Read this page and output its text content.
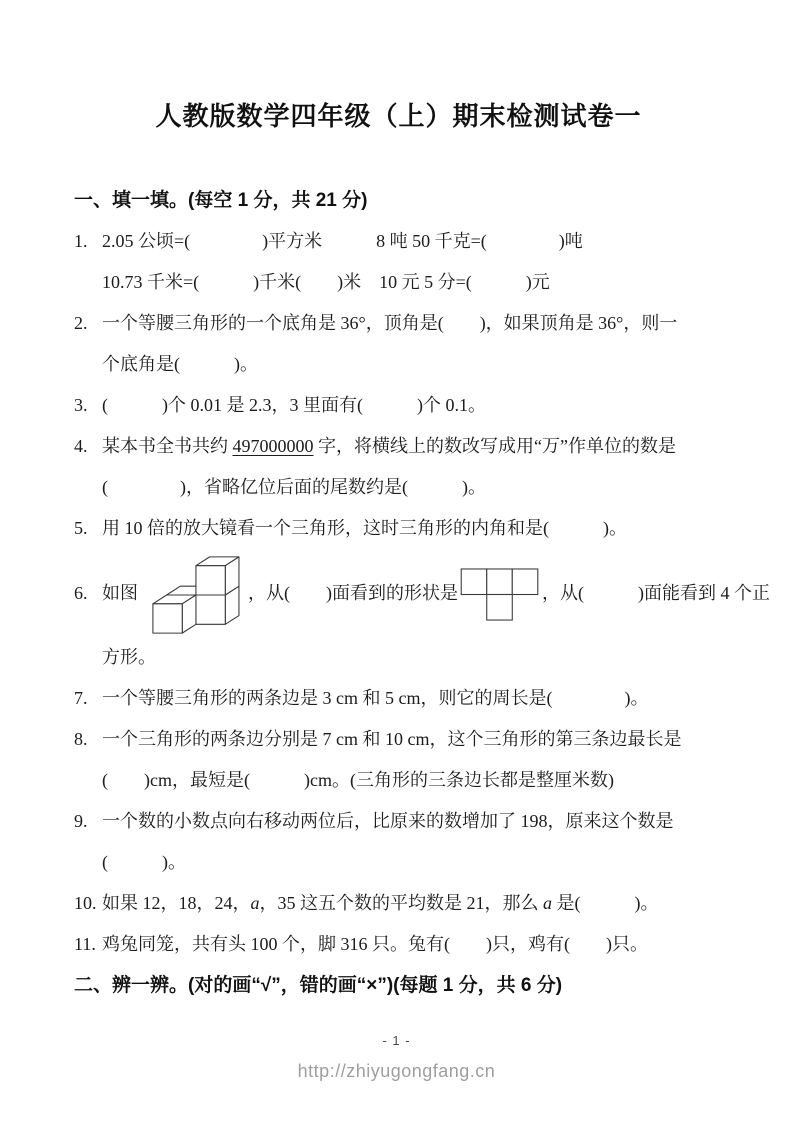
人教版数学四年级（上）期末检测试卷一
一、填一填。(每空 1 分，共 21 分)
1. 2.05 公顷=(　　　　)平方米　　　8 吨 50 千克=(　　　　)吨
10.73 千米=(　　　)千米(　　)米　10 元 5 分=(　　　)元
2. 一个等腰三角形的一个底角是 36°，顶角是(　　)，如果顶角是 36°，则一
个底角是(　　　)。
3. (　　　)个 0.01 是 2.3，3 里面有(　　　)个 0.1。
4. 某本书全书共约 497000000 字，将横线上的数改写成用“万”作单位的数是
(　　　　)，省略亿位后面的尾数约是(　　　)。
5. 用 10 倍的放大镜看一个三角形，这时三角形的内角和是(　　　)。
6. 如图	，从(　　)面看到的形状是	，从(　　　)面能看到 4 个正
方形。
7. 一个等腰三角形的两条边是 3 cm 和 5 cm，则它的周长是(　　　　)。
8. 一个三角形的两条边分别是 7 cm 和 10 cm，这个三角形的第三条边最长是
(　　)cm，最短是(　　　)cm。(三角形的三条边长都是整厘米数)
9. 一个数的小数点向右移动两位后，比原来的数增加了 198，原来这个数是
(　　　)。
10. 如果 12，18，24，a，35 这五个数的平均数是 21，那么 a 是(　　　)。
11. 鸡兔同笼，共有头 100 个，脚 316 只。兔有(　　)只，鸡有(　　)只。
二、辨一辨。(对的画“√”，错的画“×”)(每题 1 分，共 6 分)
- 1 -
http://zhiyugongfang.cn
